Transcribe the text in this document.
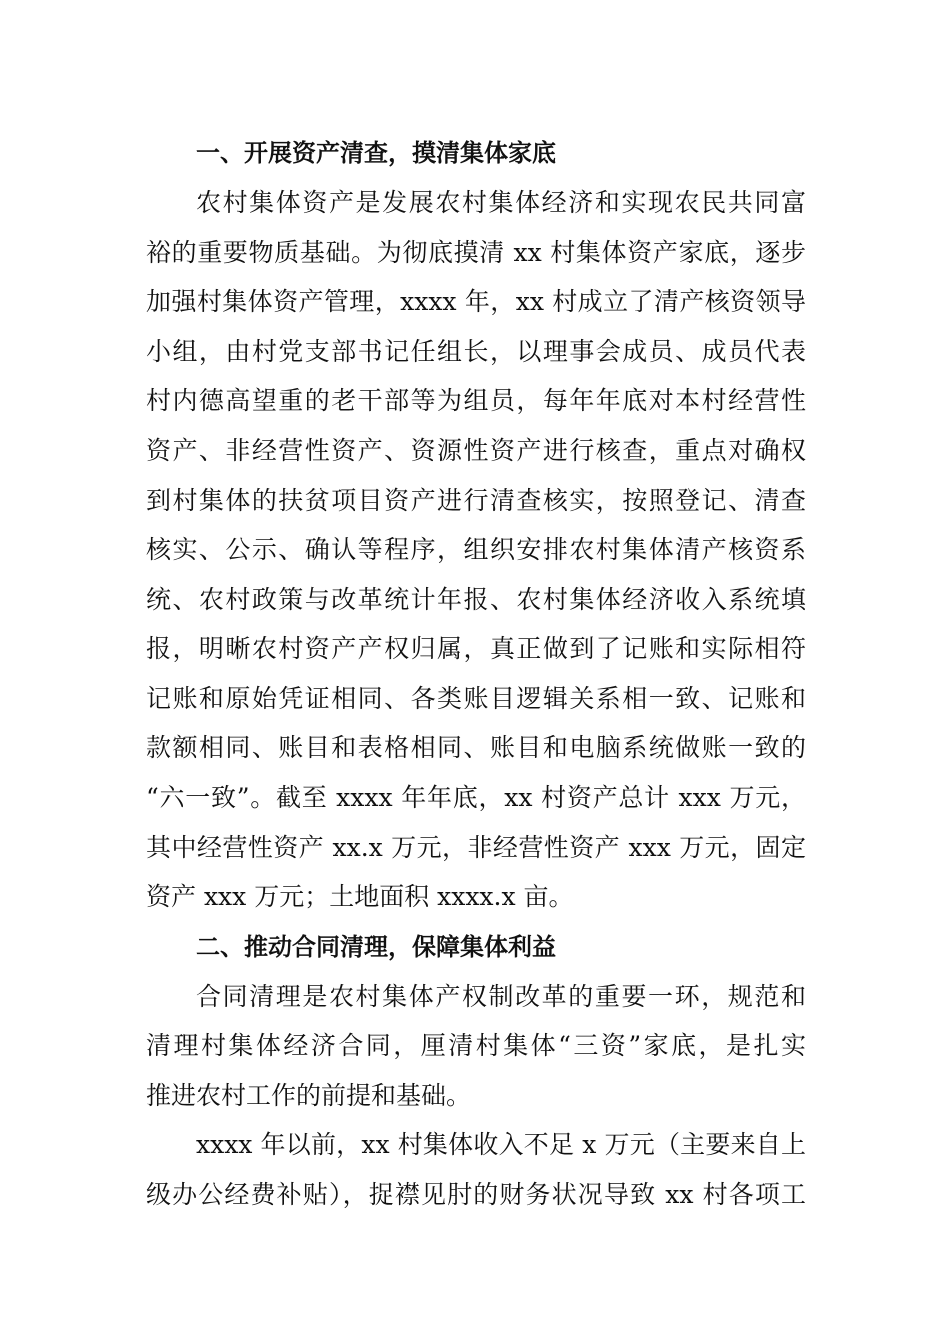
一、开展资产清查，摸清集体家底
农村集体资产是发展农村集体经济和实现农民共同富
裕的重要物质基础。为彻底摸清 xx 村集体资产家底，逐步
加强村集体资产管理，xxxx 年，xx 村成立了清产核资领导
小组，由村党支部书记任组长，以理事会成员、成员代表
村内德高望重的老干部等为组员，每年年底对本村经营性
资产、非经营性资产、资源性资产进行核查，重点对确权
到村集体的扶贫项目资产进行清查核实，按照登记、清查
核实、公示、确认等程序，组织安排农村集体清产核资系
统、农村政策与改革统计年报、农村集体经济收入系统填
报，明晰农村资产产权归属，真正做到了记账和实际相符
记账和原始凭证相同、各类账目逻辑关系相一致、记账和
款额相同、账目和表格相同、账目和电脑系统做账一致的
“六一致”。截至 xxxx 年年底，xx 村资产总计 xxx 万元，
其中经营性资产 xx.x 万元，非经营性资产 xxx 万元，固定
资产 xxx 万元；土地面积 xxxx.x 亩。
二、推动合同清理，保障集体利益
合同清理是农村集体产权制改革的重要一环，规范和
清理村集体经济合同，厘清村集体“三资”家底，是扎实
推进农村工作的前提和基础。
xxxx 年以前，xx 村集体收入不足 x 万元（主要来自上
级办公经费补贴），捉襟见肘的财务状况导致 xx 村各项工
